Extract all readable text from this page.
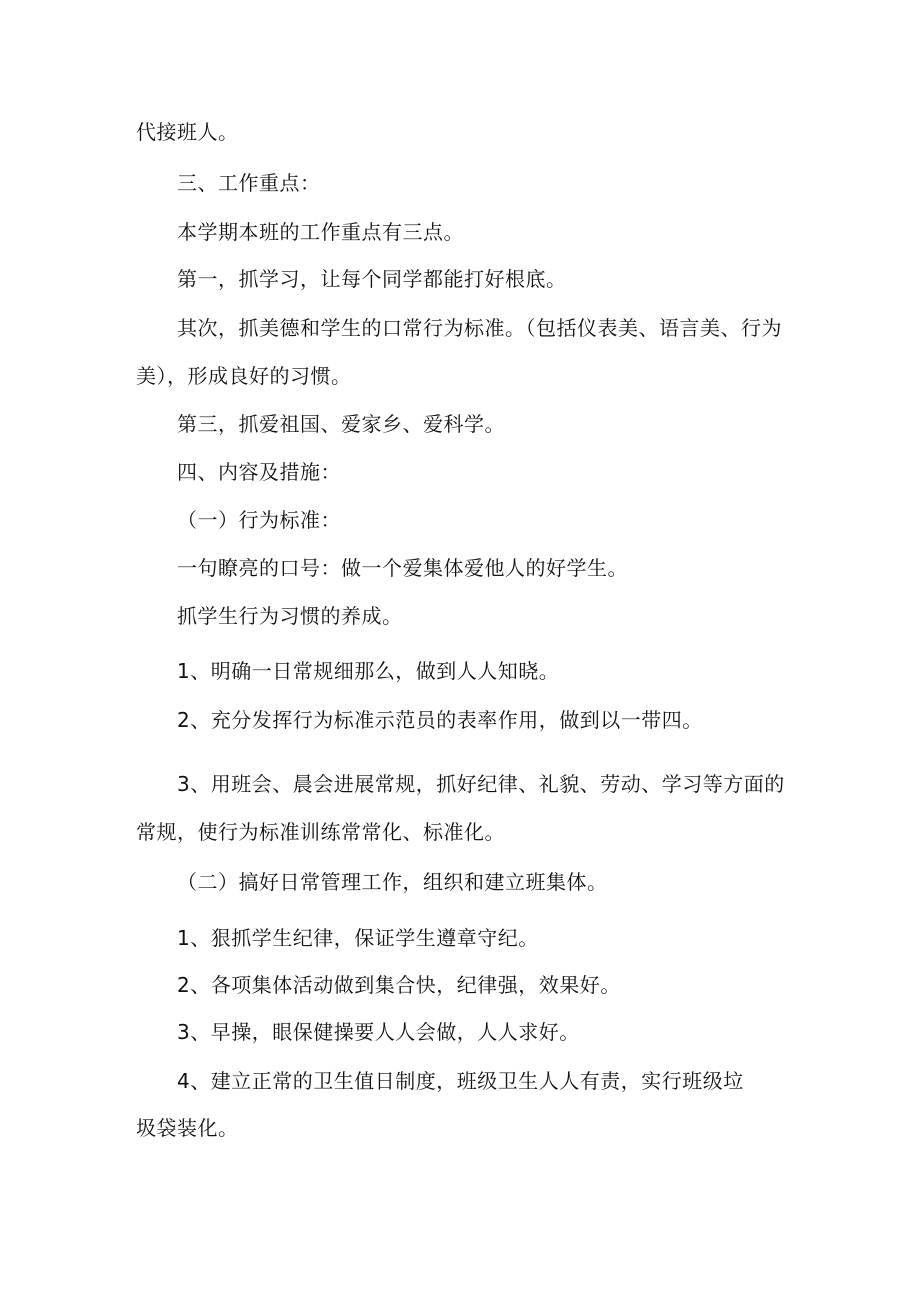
代接班人。
三、工作重点：
本学期本班的工作重点有三点。
第一，抓学习，让每个同学都能打好根底。
其次，抓美德和学生的口常行为标准。（包括仪表美、语言美、行为
美），形成良好的习惯。
第三，抓爱祖国、爱家乡、爱科学。
四、内容及措施：
（一）行为标准：
一句瞭亮的口号：做一个爱集体爱他人的好学生。
抓学生行为习惯的养成。
1、明确一日常规细那么，做到人人知晓。
2、充分发挥行为标准示范员的表率作用，做到以一带四。
3、用班会、晨会进展常规，抓好纪律、礼貌、劳动、学习等方面的
常规，使行为标准训练常常化、标准化。
（二）搞好日常管理工作，组织和建立班集体。
1、狠抓学生纪律，保证学生遵章守纪。
2、各项集体活动做到集合快，纪律强，效果好。
3、早操，眼保健操要人人会做，人人求好。
4、建立正常的卫生值日制度，班级卫生人人有责，实行班级垃
圾袋装化。
